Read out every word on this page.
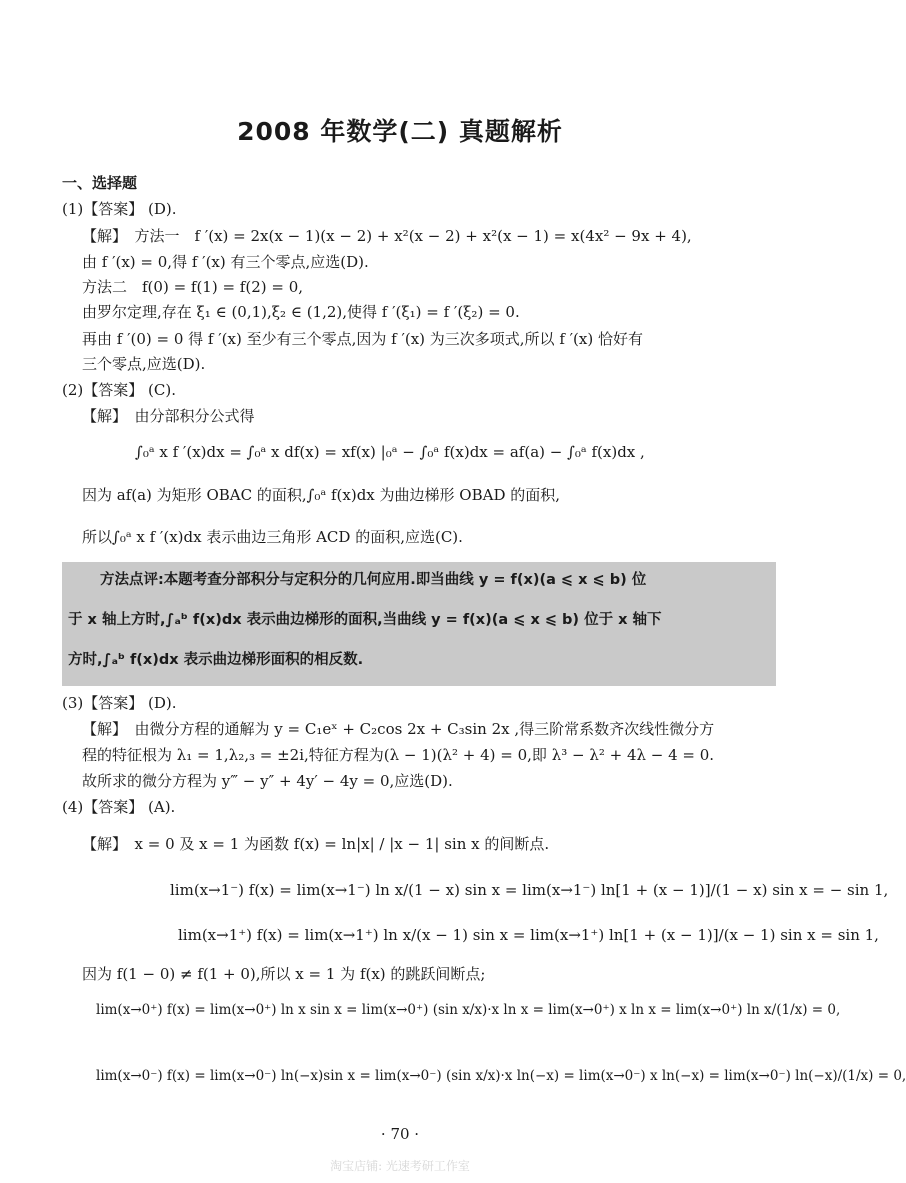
2008 年数学(二) 真题解析
一、选择题
(1)【答案】 (D).
【解】　方法一　f ′(x) = 2x(x − 1)(x − 2) + x²(x − 2) + x²(x − 1) = x(4x² − 9x + 4),
由 f ′(x) = 0,得 f ′(x) 有三个零点,应选(D).
方法二　f(0) = f(1) = f(2) = 0,
由罗尔定理,存在 ξ₁ ∈ (0,1),ξ₂ ∈ (1,2),使得 f ′(ξ₁) = f ′(ξ₂) = 0.
再由 f ′(0) = 0 得 f ′(x) 至少有三个零点,因为 f ′(x) 为三次多项式,所以 f ′(x) 恰好有
三个零点,应选(D).
(2)【答案】 (C).
【解】　由分部积分公式得
∫₀ᵃ x f ′(x)dx = ∫₀ᵃ x df(x) = xf(x) |₀ᵃ − ∫₀ᵃ f(x)dx = af(a) − ∫₀ᵃ f(x)dx ,
因为 af(a) 为矩形 OBAC 的面积,∫₀ᵃ f(x)dx 为曲边梯形 OBAD 的面积,
所以∫₀ᵃ x f ′(x)dx 表示曲边三角形 ACD 的面积,应选(C).
方法点评:本题考查分部积分与定积分的几何应用.即当曲线 y = f(x)(a ⩽ x ⩽ b) 位
于 x 轴上方时,∫ₐᵇ f(x)dx 表示曲边梯形的面积,当曲线 y = f(x)(a ⩽ x ⩽ b) 位于 x 轴下
方时,∫ₐᵇ f(x)dx 表示曲边梯形面积的相反数.
(3)【答案】 (D).
【解】　由微分方程的通解为 y = C₁eˣ + C₂cos 2x + C₃sin 2x ,得三阶常系数齐次线性微分方
程的特征根为 λ₁ = 1,λ₂,₃ = ±2i,特征方程为(λ − 1)(λ² + 4) = 0,即 λ³ − λ² + 4λ − 4 = 0.
故所求的微分方程为 y‴ − y″ + 4y′ − 4y = 0,应选(D).
(4)【答案】 (A).
【解】　x = 0 及 x = 1 为函数 f(x) = ln|x| / |x − 1| sin x 的间断点.
lim(x→1⁻) f(x) = lim(x→1⁻) ln x/(1 − x) sin x = lim(x→1⁻) ln[1 + (x − 1)]/(1 − x) sin x = − sin 1,
lim(x→1⁺) f(x) = lim(x→1⁺) ln x/(x − 1) sin x = lim(x→1⁺) ln[1 + (x − 1)]/(x − 1) sin x = sin 1,
因为 f(1 − 0) ≠ f(1 + 0),所以 x = 1 为 f(x) 的跳跃间断点;
lim(x→0⁺) f(x) = lim(x→0⁺) ln x sin x = lim(x→0⁺) (sin x/x)·x ln x = lim(x→0⁺) x ln x = lim(x→0⁺) ln x/(1/x) = 0,
lim(x→0⁻) f(x) = lim(x→0⁻) ln(−x)sin x = lim(x→0⁻) (sin x/x)·x ln(−x) = lim(x→0⁻) x ln(−x) = lim(x→0⁻) ln(−x)/(1/x) = 0,
· 70 ·
淘宝店铺: 光速考研工作室
